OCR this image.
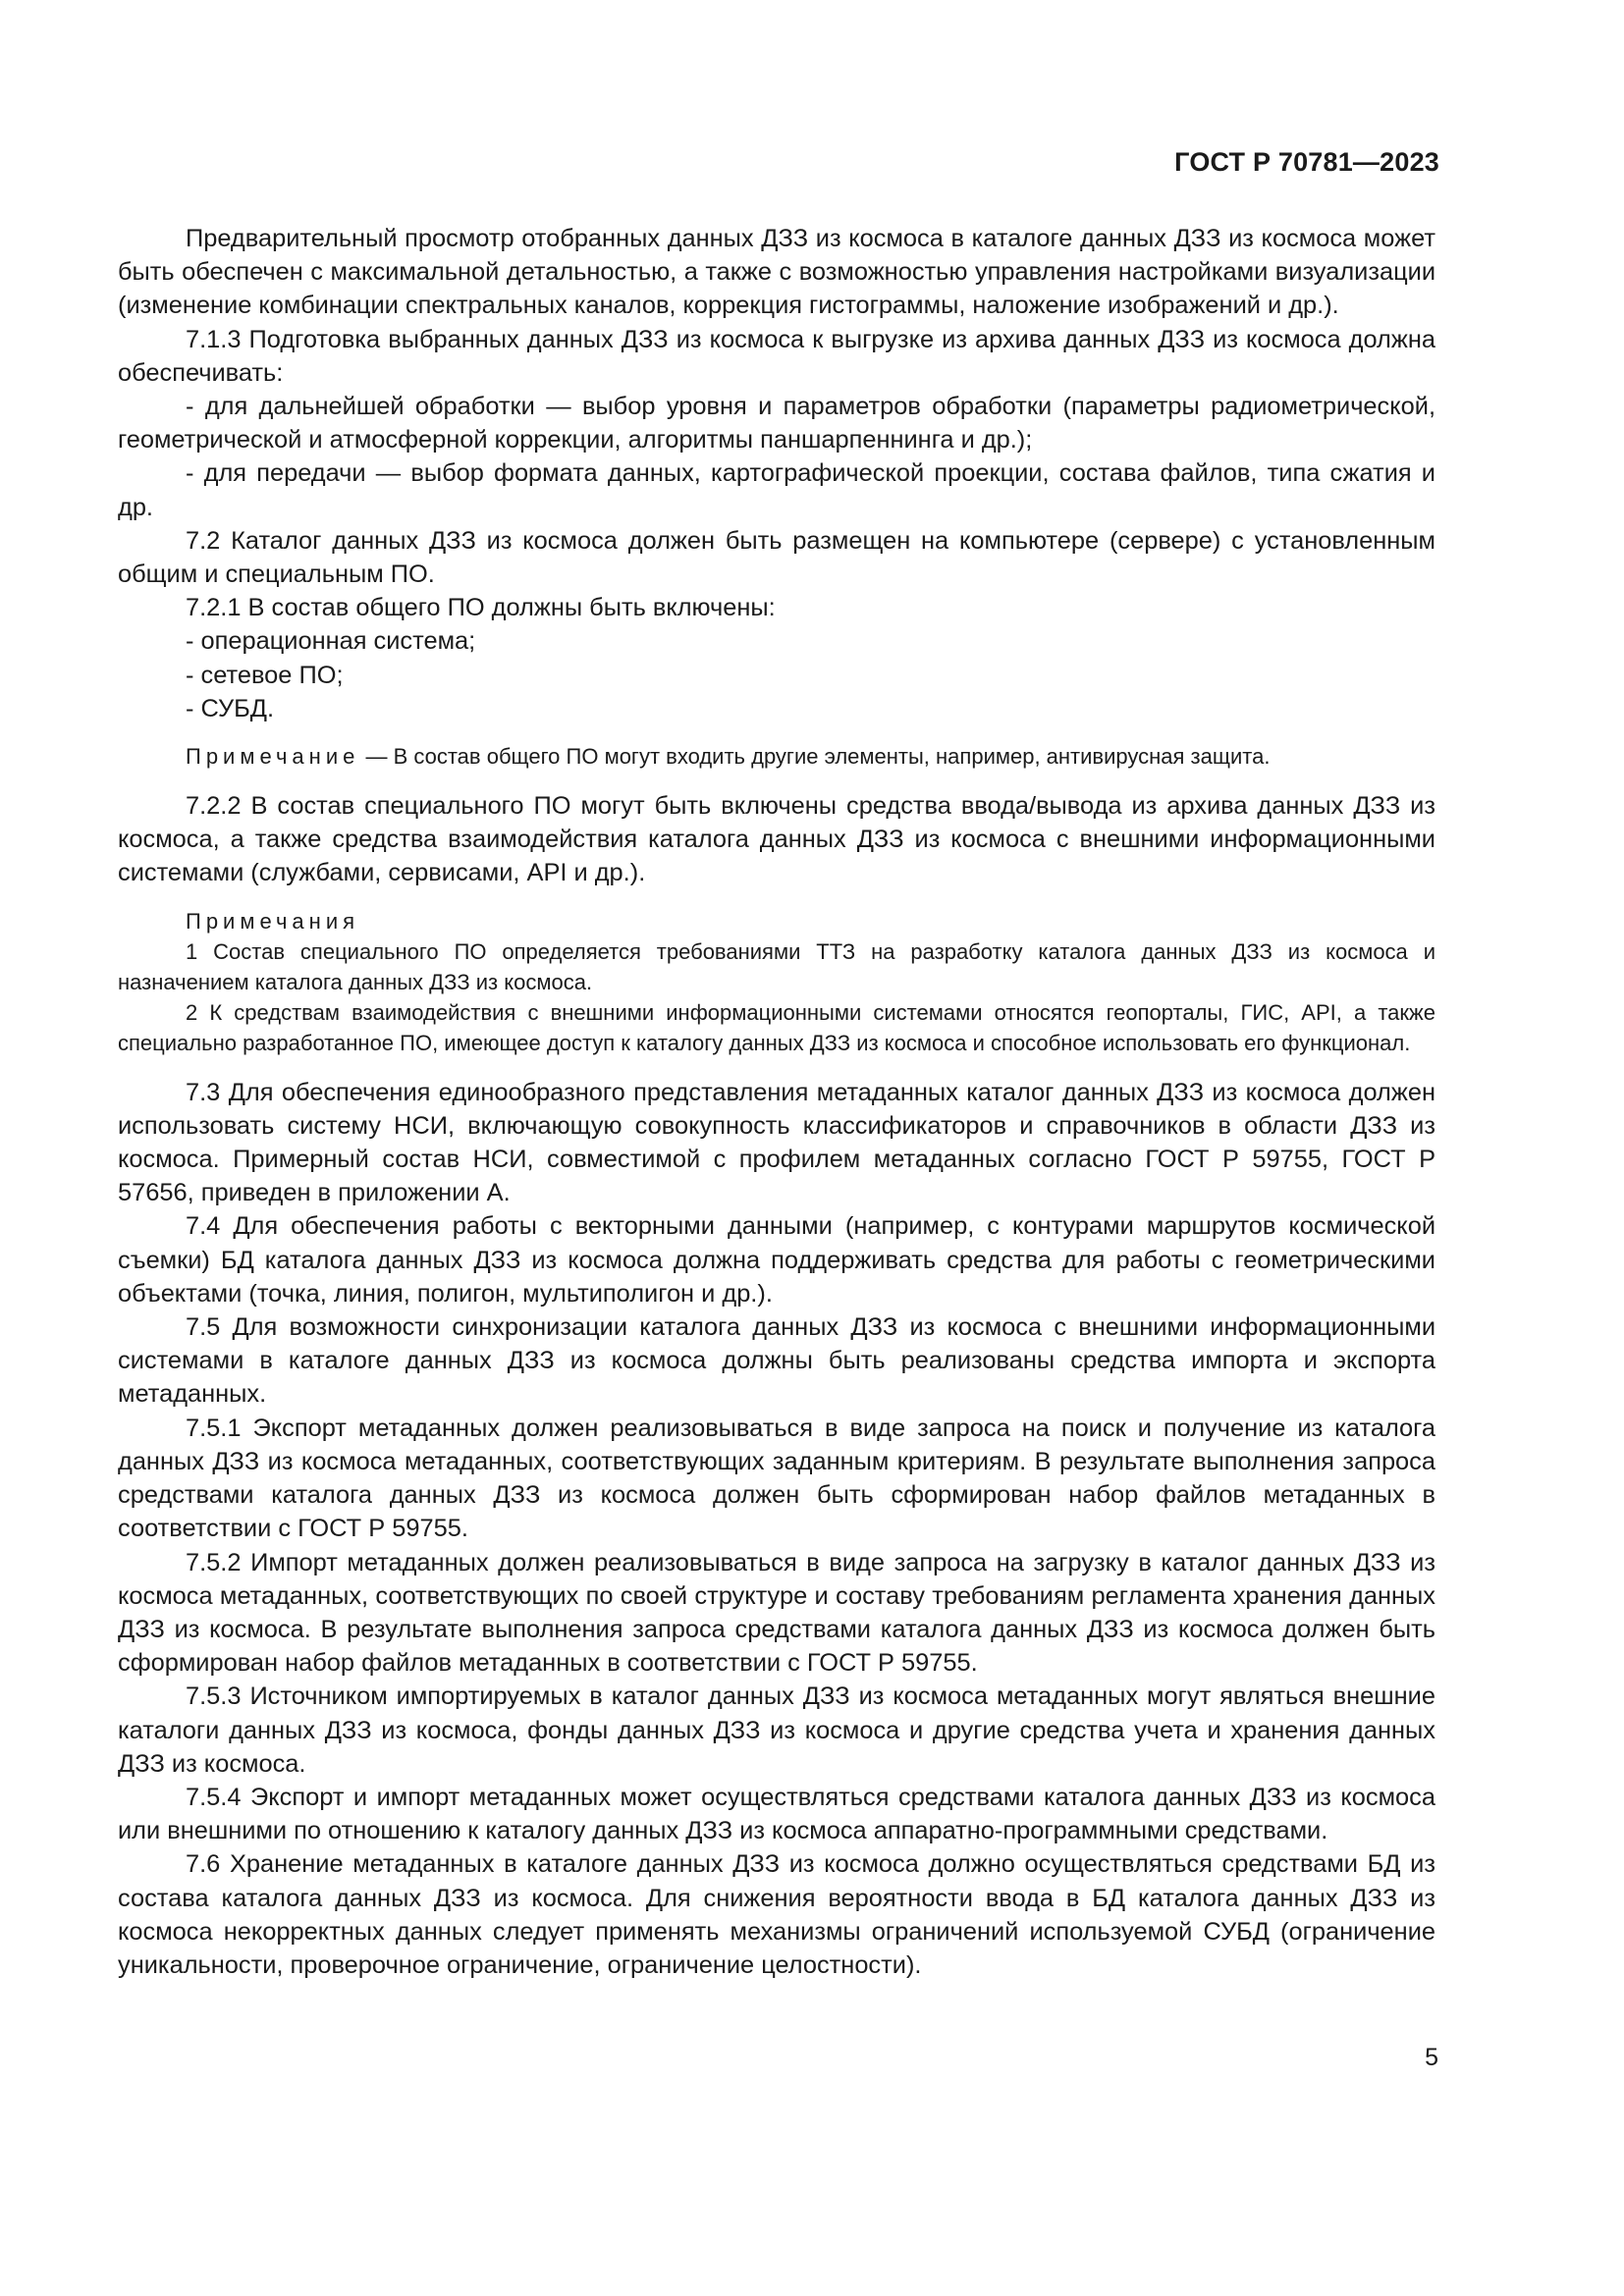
ГОСТ Р 70781—2023

Предварительный просмотр отобранных данных ДЗЗ из космоса в каталоге данных ДЗЗ из космоса может быть обеспечен с максимальной детальностью, а также с возможностью управления настройками визуализации (изменение комбинации спектральных каналов, коррекция гистограммы, наложение изображений и др.).

7.1.3 Подготовка выбранных данных ДЗЗ из космоса к выгрузке из архива данных ДЗЗ из космоса должна обеспечивать:

- для дальнейшей обработки — выбор уровня и параметров обработки (параметры радиометрической, геометрической и атмосферной коррекции, алгоритмы паншарпеннинга и др.);

- для передачи — выбор формата данных, картографической проекции, состава файлов, типа сжатия и др.

7.2 Каталог данных ДЗЗ из космоса должен быть размещен на компьютере (сервере) с установленным общим и специальным ПО.

7.2.1 В состав общего ПО должны быть включены:

- операционная система;

- сетевое ПО;

- СУБД.

Примечание — В состав общего ПО могут входить другие элементы, например, антивирусная защита.

7.2.2 В состав специального ПО могут быть включены средства ввода/вывода из архива данных ДЗЗ из космоса, а также средства взаимодействия каталога данных ДЗЗ из космоса с внешними информационными системами (службами, сервисами, API и др.).

Примечания

1 Состав специального ПО определяется требованиями ТТЗ на разработку каталога данных ДЗЗ из космоса и назначением каталога данных ДЗЗ из космоса.

2 К средствам взаимодействия с внешними информационными системами относятся геопорталы, ГИС, API, а также специально разработанное ПО, имеющее доступ к каталогу данных ДЗЗ из космоса и способное использовать его функционал.

7.3 Для обеспечения единообразного представления метаданных каталог данных ДЗЗ из космоса должен использовать систему НСИ, включающую совокупность классификаторов и справочников в области ДЗЗ из космоса. Примерный состав НСИ, совместимой с профилем метаданных согласно ГОСТ Р 59755, ГОСТ Р 57656, приведен в приложении А.

7.4 Для обеспечения работы с векторными данными (например, с контурами маршрутов космической съемки) БД каталога данных ДЗЗ из космоса должна поддерживать средства для работы с геометрическими объектами (точка, линия, полигон, мультиполигон и др.).

7.5 Для возможности синхронизации каталога данных ДЗЗ из космоса с внешними информационными системами в каталоге данных ДЗЗ из космоса должны быть реализованы средства импорта и экспорта метаданных.

7.5.1 Экспорт метаданных должен реализовываться в виде запроса на поиск и получение из каталога данных ДЗЗ из космоса метаданных, соответствующих заданным критериям. В результате выполнения запроса средствами каталога данных ДЗЗ из космоса должен быть сформирован набор файлов метаданных в соответствии с ГОСТ Р 59755.

7.5.2 Импорт метаданных должен реализовываться в виде запроса на загрузку в каталог данных ДЗЗ из космоса метаданных, соответствующих по своей структуре и составу требованиям регламента хранения данных ДЗЗ из космоса. В результате выполнения запроса средствами каталога данных ДЗЗ из космоса должен быть сформирован набор файлов метаданных в соответствии с ГОСТ Р 59755.

7.5.3 Источником импортируемых в каталог данных ДЗЗ из космоса метаданных могут являться внешние каталоги данных ДЗЗ из космоса, фонды данных ДЗЗ из космоса и другие средства учета и хранения данных ДЗЗ из космоса.

7.5.4 Экспорт и импорт метаданных может осуществляться средствами каталога данных ДЗЗ из космоса или внешними по отношению к каталогу данных ДЗЗ из космоса аппаратно-программными средствами.

7.6 Хранение метаданных в каталоге данных ДЗЗ из космоса должно осуществляться средствами БД из состава каталога данных ДЗЗ из космоса. Для снижения вероятности ввода в БД каталога данных ДЗЗ из космоса некорректных данных следует применять механизмы ограничений используемой СУБД (ограничение уникальности, проверочное ограничение, ограничение целостности).

5
